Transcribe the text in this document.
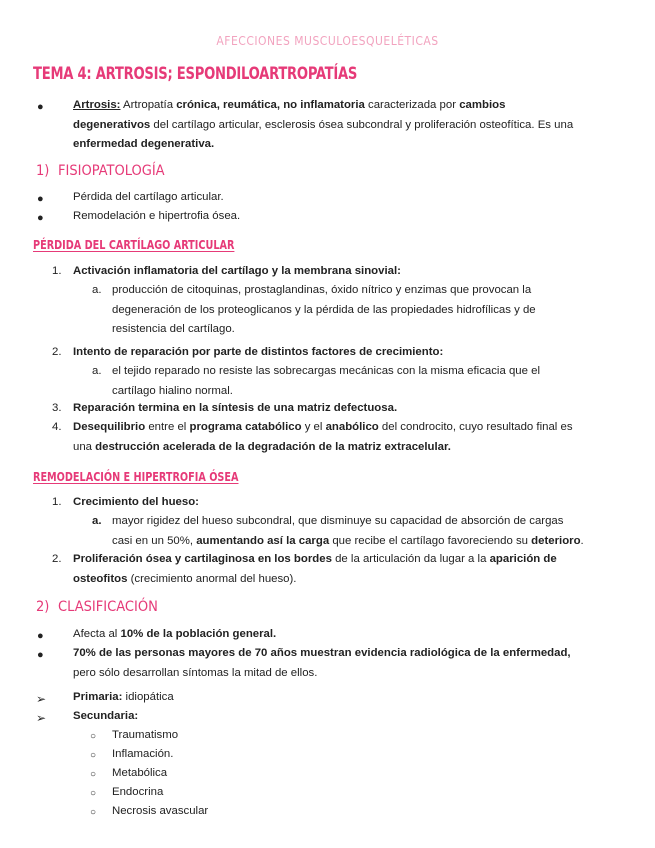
AFECCIONES MUSCULOESQUELÉTICAS
TEMA 4: ARTROSIS; ESPONDILOARTROPATÍAS
●	Artrosis: Artropatía crónica, reumática, no inflamatoria caracterizada por cambios
degenerativos del cartílago articular, esclerosis ósea subcondral y proliferación osteofítica. Es una
enfermedad degenerativa.
1) FISIOPATOLOGÍA
●	Pérdida del cartílago articular.
●	Remodelación e hipertrofia ósea.
PÉRDIDA DEL CARTÍLAGO ARTICULAR
1. Activación inflamatoria del cartílago y la membrana sinovial:
a. producción de citoquinas, prostaglandinas, óxido nítrico y enzimas que provocan la
degeneración de los proteoglicanos y la pérdida de las propiedades hidrofílicas y de
resistencia del cartílago.
2. Intento de reparación por parte de distintos factores de crecimiento:
a. el tejido reparado no resiste las sobrecargas mecánicas con la misma eficacia que el
cartílago hialino normal.
3. Reparación termina en la síntesis de una matriz defectuosa.
4. Desequilibrio entre el programa catabólico y el anabólico del condrocito, cuyo resultado final es
una destrucción acelerada de la degradación de la matriz extracelular.
REMODELACIÓN E HIPERTROFIA ÓSEA
1. Crecimiento del hueso:
a. mayor rigidez del hueso subcondral, que disminuye su capacidad de absorción de cargas
casi en un 50%, aumentando así la carga que recibe el cartílago favoreciendo su deterioro.
2. Proliferación ósea y cartilaginosa en los bordes de la articulación da lugar a la aparición de
osteofitos (crecimiento anormal del hueso).
2) CLASIFICACIÓN
●	Afecta al 10% de la población general.
●	70% de las personas mayores de 70 años muestran evidencia radiológica de la enfermedad,
pero sólo desarrollan síntomas la mitad de ellos.
➢ Primaria: idiopática
➢ Secundaria:
○ Traumatismo
○ Inflamación.
○ Metabólica
○ Endocrina
○ Necrosis avascular
